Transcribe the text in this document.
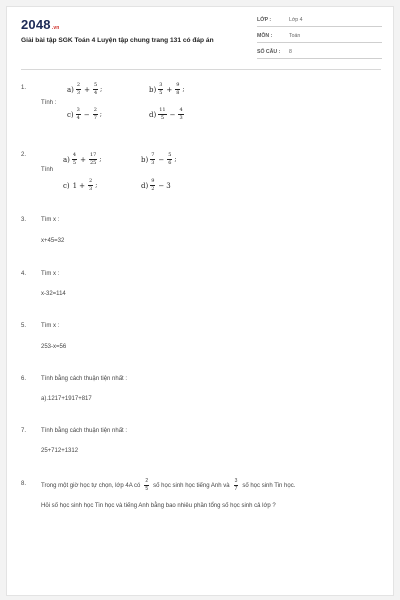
2048.vn
Giải bài tập SGK Toán 4 Luyện tập chung trang 131 có đáp án
LỚP :	Lớp 4
MÔN :	Toán
SỐ CÂU : 8
1.
Tính :
$a) \frac{2}{3} + \frac{5}{4}$ ;	$b) \frac{3}{5} + \frac{9}{8}$ ;
$c) \frac{3}{4} - \frac{2}{7}$ ;	$d) \frac{11}{5} - \frac{4}{3}$
2.
Tính
$a) \frac{4}{5} + \frac{17}{25}$ ;	$b) \frac{7}{3} - \frac{5}{6}$ ;
c) $1 + \frac{2}{3}$ ;	$d) \frac{9}{2} - 3$
3. Tìm x :
x+45=32
4. Tìm x :
x-32=114
5. Tìm x :
253-x=56
6. Tính bằng cách thuận tiện nhất :
a).1217+1917+817
7. Tính bằng cách thuận tiện nhất :
25+712+1312
8. Trong một giờ học tự chọn, lớp 4A có $\frac{2}{5}$ số học sinh học tiếng Anh và $\frac{3}{7}$ số học sinh Tin học.
Hỏi số học sinh học Tin học và tiếng Anh bằng bao nhiêu phần tổng số học sinh cả lớp ?
